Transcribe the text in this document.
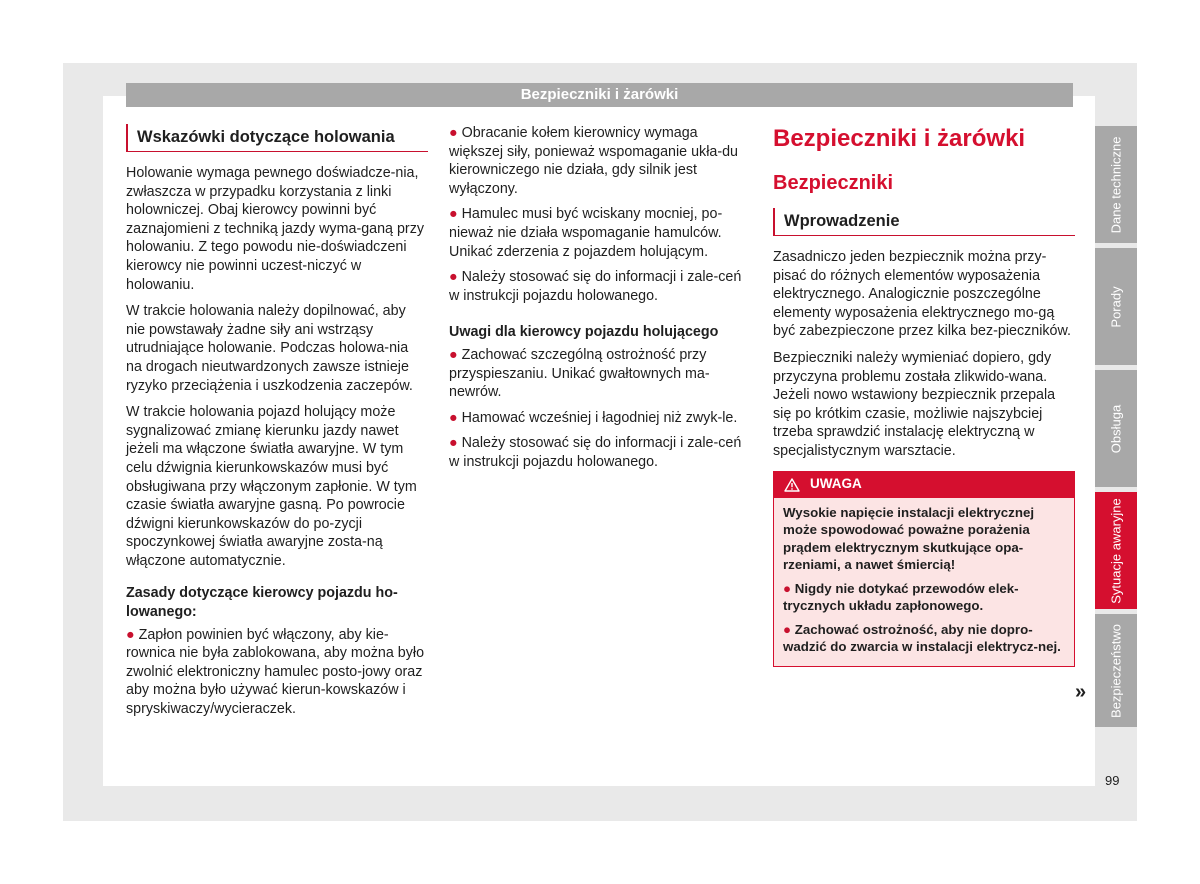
Bezpieczniki i żarówki
Wskazówki dotyczące holowania

Holowanie wymaga pewnego doświadcze-nia, zwłaszcza w przypadku korzystania z linki holowniczej. Obaj kierowcy powinni być zaznajomieni z techniką jazdy wyma-ganą przy holowaniu. Z tego powodu nie-doświadczeni kierowcy nie powinni uczest-niczyć w holowaniu.

W trakcie holowania należy dopilnować, aby nie powstawały żadne siły ani wstrząsy utrudniające holowanie. Podczas holowa-nia na drogach nieutwardzonych zawsze istnieje ryzyko przeciążenia i uszkodzenia zaczepów.

W trakcie holowania pojazd holujący może sygnalizować zmianę kierunku jazdy nawet jeżeli ma włączone światła awaryjne. W tym celu dźwignia kierunkowskazów musi być obsługiwana przy włączonym zapłonie. W tym czasie światła awaryjne gasną. Po powrocie dźwigni kierunkowskazów do po-zycji spoczynkowej światła awaryjne zosta-ną włączone automatycznie.

Zasady dotyczące kierowcy pojazdu ho-lowanego:
● Zapłon powinien być włączony, aby kie-rownica nie była zablokowana, aby można było zwolnić elektroniczny hamulec posto-jowy oraz aby można było używać kierun-kowskazów i spryskiwaczy/wycieraczek.
● Obracanie kołem kierownicy wymaga większej siły, ponieważ wspomaganie ukła-du kierowniczego nie działa, gdy silnik jest wyłączony.
● Hamulec musi być wciskany mocniej, po-nieważ nie działa wspomaganie hamulców. Unikać zderzenia z pojazdem holującym.
● Należy stosować się do informacji i zale-ceń w instrukcji pojazdu holowanego.
Uwagi dla kierowcy pojazdu holującego
● Zachować szczególną ostrożność przy przyspieszaniu. Unikać gwałtownych ma-newrów.
● Hamować wcześniej i łagodniej niż zwyk-le.
● Należy stosować się do informacji i zale-ceń w instrukcji pojazdu holowanego.
Bezpieczniki i żarówki
Bezpieczniki
Wprowadzenie

Zasadniczo jeden bezpiecznik można przy-pisać do różnych elementów wyposażenia elektrycznego. Analogicznie poszczególne elementy wyposażenia elektrycznego mo-gą być zabezpieczone przez kilka bez-pieczników.

Bezpieczniki należy wymieniać dopiero, gdy przyczyna problemu została zlikwido-wana. Jeżeli nowo wstawiony bezpiecznik przepala się po krótkim czasie, możliwie najszybciej trzeba sprawdzić instalację elektryczną w specjalistycznym warsztacie.

UWAGA

Wysokie napięcie instalacji elektrycznej może spowodować poważne porażenia prądem elektrycznym skutkujące opa-rzeniami, a nawet śmiercią!

● Nigdy nie dotykać przewodów elek-trycznych układu zapłonowego.

● Zachować ostrożność, aby nie dopro-wadzić do zwarcia w instalacji elektrycz-nej.

»
Dane techniczne
Porady
Obsługa
Sytuacje awaryjne
Bezpieczeństwo
99
